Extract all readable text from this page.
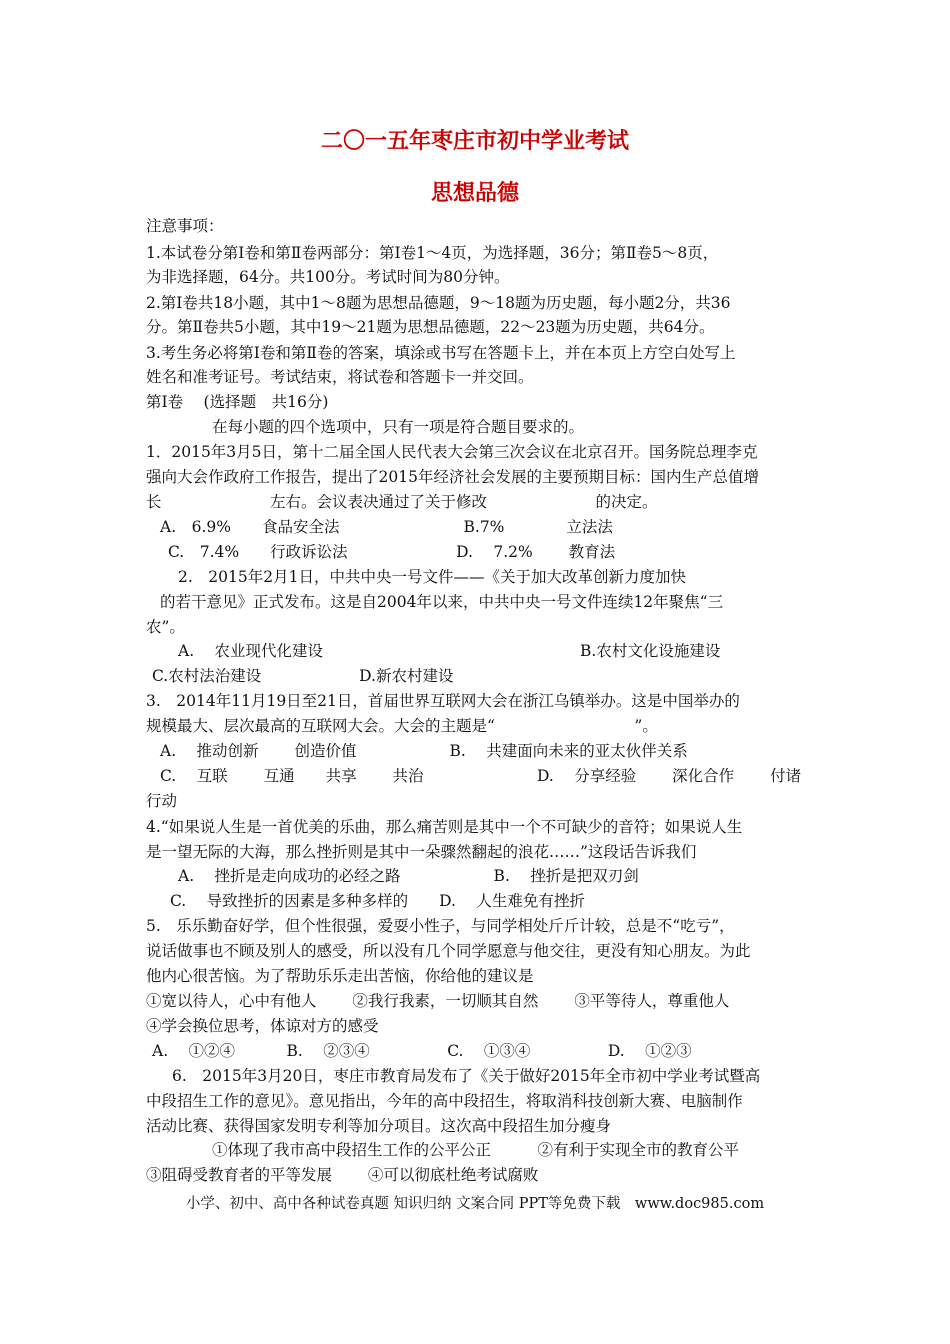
二〇一五年枣庄市初中学业考试
思想品德
注意事项：
1.本试卷分第Ⅰ卷和第Ⅱ卷两部分：第Ⅰ卷1～4页，为选择题，36分；第Ⅱ卷5～8页，
为非选择题，64分。共100分。考试时间为80分钟。
2.第Ⅰ卷共18小题，其中1～8题为思想品德题，9～18题为历史题，每小题2分，共36
分。第Ⅱ卷共5小题，其中19～21题为思想品德题，22～23题为历史题，共64分。
3.考生务必将第Ⅰ卷和第Ⅱ卷的答案，填涂或书写在答题卡上，并在本页上方空白处写上
姓名和准考证号。考试结束，将试卷和答题卡一并交回。
第Ⅰ卷　 (选择题　共16分)
在每小题的四个选项中，只有一项是符合题目要求的。
1．2015年3月5日，第十二届全国人民代表大会第三次会议在北京召开。国务院总理李克
强向大会作政府工作报告，提出了2015年经济社会发展的主要预期目标：国内生产总值增
长　　　　　　　左右。会议表决通过了关于修改　　　　　　　的决定。
A.　6.9%　　食品安全法　　　　　　　　B.7%　　　　立法法
C.　7.4%　　行政诉讼法　　　　　　　D.　 7.2%　　 教育法
2.　2015年2月1日，中共中央一号文件——《关于加大改革创新力度加快
的若干意见》正式发布。这是自2004年以来，中共中央一号文件连续12年聚焦“三
农”。
A.　 农业现代化建设	B.农村文化设施建设
C.农村法治建设　　　　　　 D.新农村建设
3.　2014年11月19日至21日，首届世界互联网大会在浙江乌镇举办。这是中国举办的
规模最大、层次最高的互联网大会。大会的主题是“　　　　　　　　　”。
A.　 推动创新　　 创造价值　　　　　　B.　 共建面向未来的亚太伙伴关系
C.　 互联　　 互通　　共享　　 共治	D.　 分享经验　　 深化合作　　 付诸
行动
4.“如果说人生是一首优美的乐曲，那么痛苦则是其中一个不可缺少的音符；如果说人生
是一望无际的大海，那么挫折则是其中一朵骤然翻起的浪花……”这段话告诉我们
A.　 挫折是走向成功的必经之路　　　　　　B.　 挫折是把双刃剑
C.　 导致挫折的因素是多种多样的　　D.　 人生难免有挫折
5.　乐乐勤奋好学，但个性很强，爱耍小性子，与同学相处斤斤计较，总是不“吃亏”，
说话做事也不顾及别人的感受，所以没有几个同学愿意与他交往，更没有知心朋友。为此
他内心很苦恼。为了帮助乐乐走出苦恼，你给他的建议是
①宽以待人，心中有他人　　 ②我行我素，一切顺其自然　　 ③平等待人，尊重他人
④学会换位思考，体谅对方的感受
A.　 ①②④　　　 B.　 ②③④　　　　　C.　 ①③④　　　　　D.　 ①②③
6.　2015年3月20日，枣庄市教育局发布了《关于做好2015年全市初中学业考试暨高
中段招生工作的意见》。意见指出，今年的高中段招生，将取消科技创新大赛、电脑制作
活动比赛、获得国家发明专利等加分项目。这次高中段招生加分瘦身
①体现了我市高中段招生工作的公平公正　　　②有利于实现全市的教育公平
③阻碍受教育者的平等发展　　 ④可以彻底杜绝考试腐败
小学、初中、高中各种试卷真题 知识归纳 文案合同 PPT等免费下载　www.doc985.com
